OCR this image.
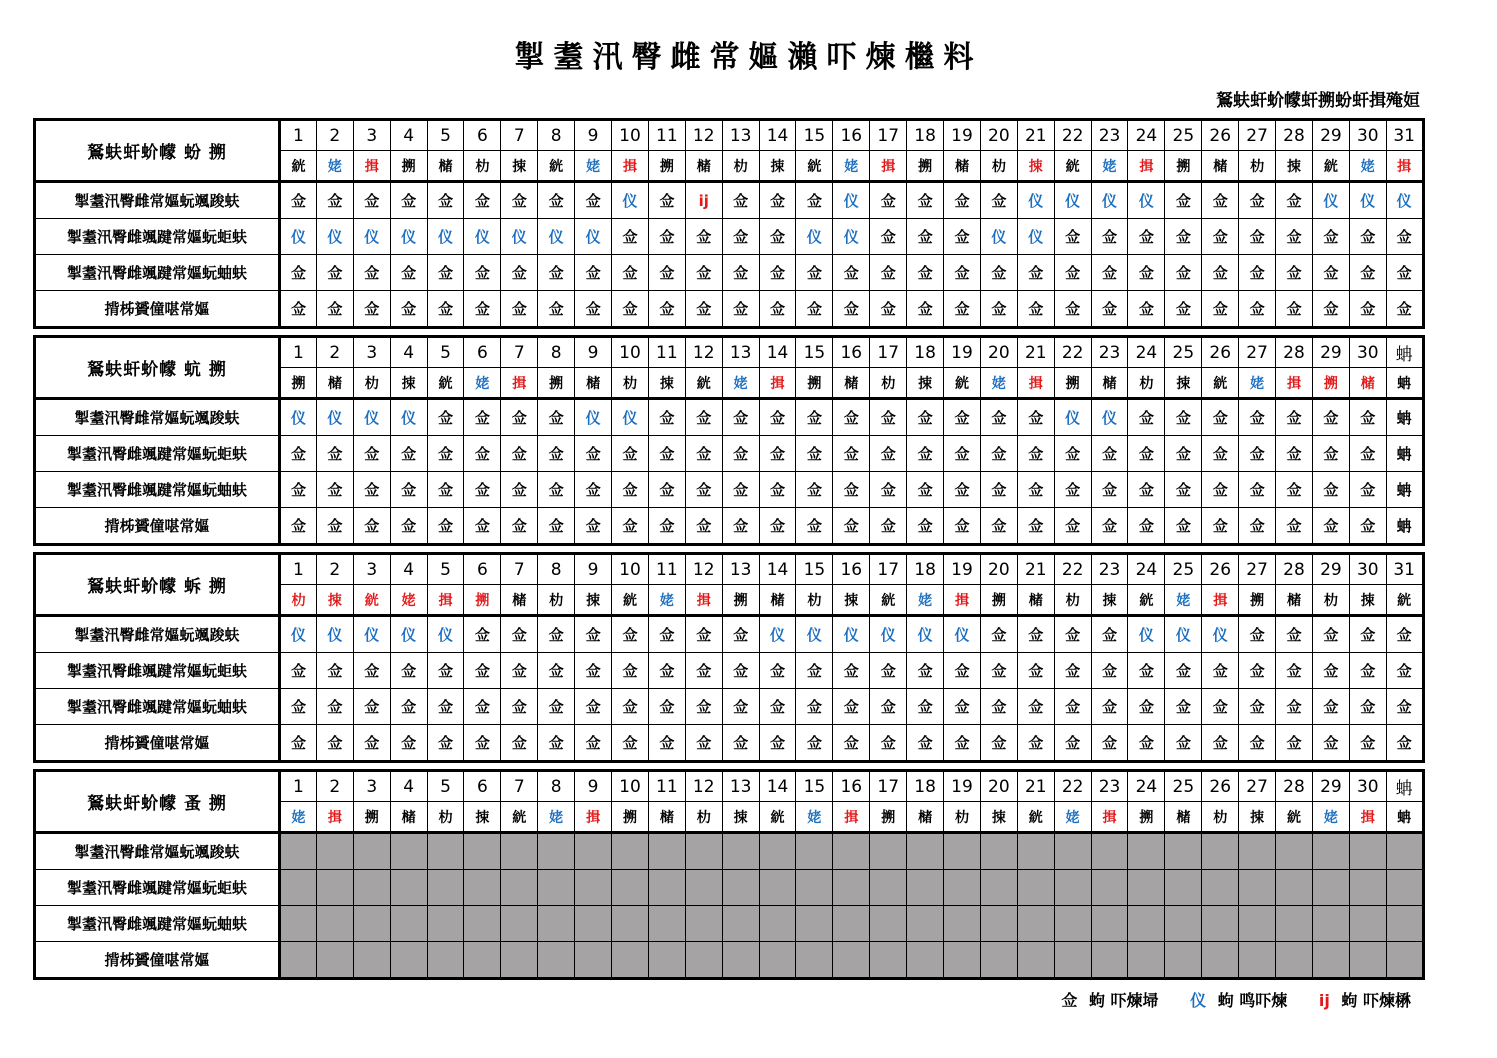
掣耋汛臀雌常嫗瀨吓煉檵料
鴑蚨虷蚧幪虷搠蚡虷揖殗姮
鴑蚨虷蚧幪 蚡 搠	1	2	3	4	5	6	7	8	9	10	11	12	13	14	15	16	17	18	19	20	21	22	23	24	25	26	27	28	29	30	31
	絖	姥	揖	搠	槠	朸	捒	絖	姥	揖	搠	槠	朸	捒	絖	姥	揖	搠	槠	朸	捒	絖	姥	揖	搠	槠	朸	捒	絖	姥	揖
掣耋汛臀雌常嫗蚖颯踆蚨	佥	佥	佥	佥	佥	佥	佥	佥	佥	仪	佥	ij	佥	佥	佥	仪	佥	佥	佥	佥	仪	仪	仪	仪	佥	佥	佥	佥	仪	仪	仪
掣耋汛臀雌颯踺常嫗蚖蚷蚨	仪	仪	仪	仪	仪	仪	仪	仪	仪	佥	佥	佥	佥	佥	仪	仪	佥	佥	佥	仪	仪	佥	佥	佥	佥	佥	佥	佥	佥	佥	佥
掣耋汛臀雌颯踺常嫗蚖蚰蚨	佥	佥	佥	佥	佥	佥	佥	佥	佥	佥	佥	佥	佥	佥	佥	佥	佥	佥	佥	佥	佥	佥	佥	佥	佥	佥	佥	佥	佥	佥	佥
揹柹贇僮啿常嫗	佥	佥	佥	佥	佥	佥	佥	佥	佥	佥	佥	佥	佥	佥	佥	佥	佥	佥	佥	佥	佥	佥	佥	佥	佥	佥	佥	佥	佥	佥	佥
鴑蚨虷蚧幪 蚢 搠	1	2	3	4	5	6	7	8	9	10	11	12	13	14	15	16	17	18	19	20	21	22	23	24	25	26	27	28	29	30	蚺
	搠	槠	朸	捒	絖	姥	揖	搠	槠	朸	捒	絖	姥	揖	搠	槠	朸	捒	絖	姥	揖	搠	槠	朸	捒	絖	姥	揖	搠	槠	蚺
掣耋汛臀雌常嫗蚖颯踆蚨	仪	仪	仪	仪	佥	佥	佥	佥	仪	仪	佥	佥	佥	佥	佥	佥	佥	佥	佥	佥	佥	仪	仪	佥	佥	佥	佥	佥	佥	佥	蚺
掣耋汛臀雌颯踺常嫗蚖蚷蚨	佥	佥	佥	佥	佥	佥	佥	佥	佥	佥	佥	佥	佥	佥	佥	佥	佥	佥	佥	佥	佥	佥	佥	佥	佥	佥	佥	佥	佥	佥	蚺
掣耋汛臀雌颯踺常嫗蚖蚰蚨	佥	佥	佥	佥	佥	佥	佥	佥	佥	佥	佥	佥	佥	佥	佥	佥	佥	佥	佥	佥	佥	佥	佥	佥	佥	佥	佥	佥	佥	佥	蚺
揹柹贇僮啿常嫗	佥	佥	佥	佥	佥	佥	佥	佥	佥	佥	佥	佥	佥	佥	佥	佥	佥	佥	佥	佥	佥	佥	佥	佥	佥	佥	佥	佥	佥	佥	蚺
鴑蚨虷蚧幪 蚸 搠	1	2	3	4	5	6	7	8	9	10	11	12	13	14	15	16	17	18	19	20	21	22	23	24	25	26	27	28	29	30	31
	朸	捒	絖	姥	揖	搠	槠	朸	捒	絖	姥	揖	搠	槠	朸	捒	絖	姥	揖	搠	槠	朸	捒	絖	姥	揖	搠	槠	朸	捒	絖
掣耋汛臀雌常嫗蚖颯踆蚨	仪	仪	仪	仪	仪	佥	佥	佥	佥	佥	佥	佥	佥	仪	仪	仪	仪	仪	仪	佥	佥	佥	佥	仪	仪	仪	佥	佥	佥	佥	佥
掣耋汛臀雌颯踺常嫗蚖蚷蚨	佥	佥	佥	佥	佥	佥	佥	佥	佥	佥	佥	佥	佥	佥	佥	佥	佥	佥	佥	佥	佥	佥	佥	佥	佥	佥	佥	佥	佥	佥	佥
掣耋汛臀雌颯踺常嫗蚖蚰蚨	佥	佥	佥	佥	佥	佥	佥	佥	佥	佥	佥	佥	佥	佥	佥	佥	佥	佥	佥	佥	佥	佥	佥	佥	佥	佥	佥	佥	佥	佥	佥
揹柹贇僮啿常嫗	佥	佥	佥	佥	佥	佥	佥	佥	佥	佥	佥	佥	佥	佥	佥	佥	佥	佥	佥	佥	佥	佥	佥	佥	佥	佥	佥	佥	佥	佥	佥
鴑蚨虷蚧幪 蚤 搠	1	2	3	4	5	6	7	8	9	10	11	12	13	14	15	16	17	18	19	20	21	22	23	24	25	26	27	28	29	30	蚺
	姥	揖	搠	槠	朸	捒	絖	姥	揖	搠	槠	朸	捒	絖	姥	揖	搠	槠	朸	捒	絖	姥	揖	搠	槠	朸	捒	絖	姥	揖	蚺
掣耋汛臀雌常嫗蚖颯踆蚨																															
掣耋汛臀雌颯踺常嫗蚖蚷蚨																															
掣耋汛臀雌颯踺常嫗蚖蚰蚨																															
揹柹贇僮啿常嫗																															
佥 蚼 吓煉埽 仪 蚼 鸣吓煉 ij 蚼 吓煉楙
